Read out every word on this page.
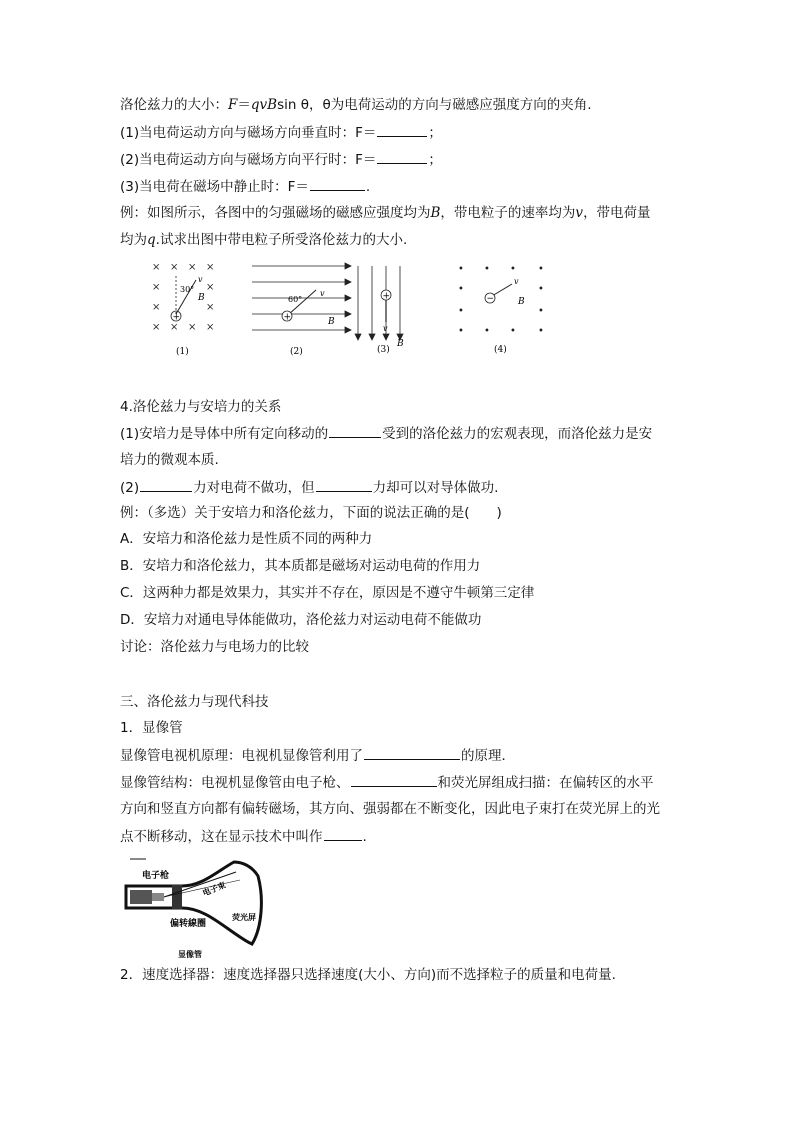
洛伦兹力的大小：F＝qvBsin θ，θ为电荷运动的方向与磁感应强度方向的夹角.
(1)当电荷运动方向与磁场方向垂直时：F＝	；
(2)当电荷运动方向与磁场方向平行时：F＝	；
(3)当电荷在磁场中静止时：F＝	.
例：如图所示，各图中的匀强磁场的磁感应强度均为B，带电粒子的速率均为v，带电荷量
均为q.试求出图中带电粒子所受洛伦兹力的大小.
× × × ×
×	×
×	×
× × × ×
+
30°
v
B
(1)
+
60°
v
B
(2)
+
v
B
(3)
• • • •
•	•
•	•
• • • •
−
v
B
(4)
4.洛伦兹力与安培力的关系
(1)安培力是导体中所有定向移动的	受到的洛伦兹力的宏观表现，而洛伦兹力是安
培力的微观本质.
(2)	力对电荷不做功，但	力却可以对导体做功.
例：（多选）关于安培力和洛伦兹力，下面的说法正确的是(　　)
A．安培力和洛伦兹力是性质不同的两种力
B．安培力和洛伦兹力，其本质都是磁场对运动电荷的作用力
C．这两种力都是效果力，其实并不存在，原因是不遵守牛顿第三定律
D．安培力对通电导体能做功，洛伦兹力对运动电荷不能做功
讨论：洛伦兹力与电场力的比较
三、洛伦兹力与现代科技
1．显像管
显像管电视机原理：电视机显像管利用了	的原理．
显像管结构：电视机显像管由电子枪、	和荧光屏组成扫描：在偏转区的水平
方向和竖直方向都有偏转磁场，其方向、强弱都在不断变化，因此电子束打在荧光屏上的光
点不断移动，这在显示技术中叫作	.
电子枪
电子束
荧光屏
偏转線圈
显像管
2．速度选择器：速度选择器只选择速度(大小、方向)而不选择粒子的质量和电荷量.
